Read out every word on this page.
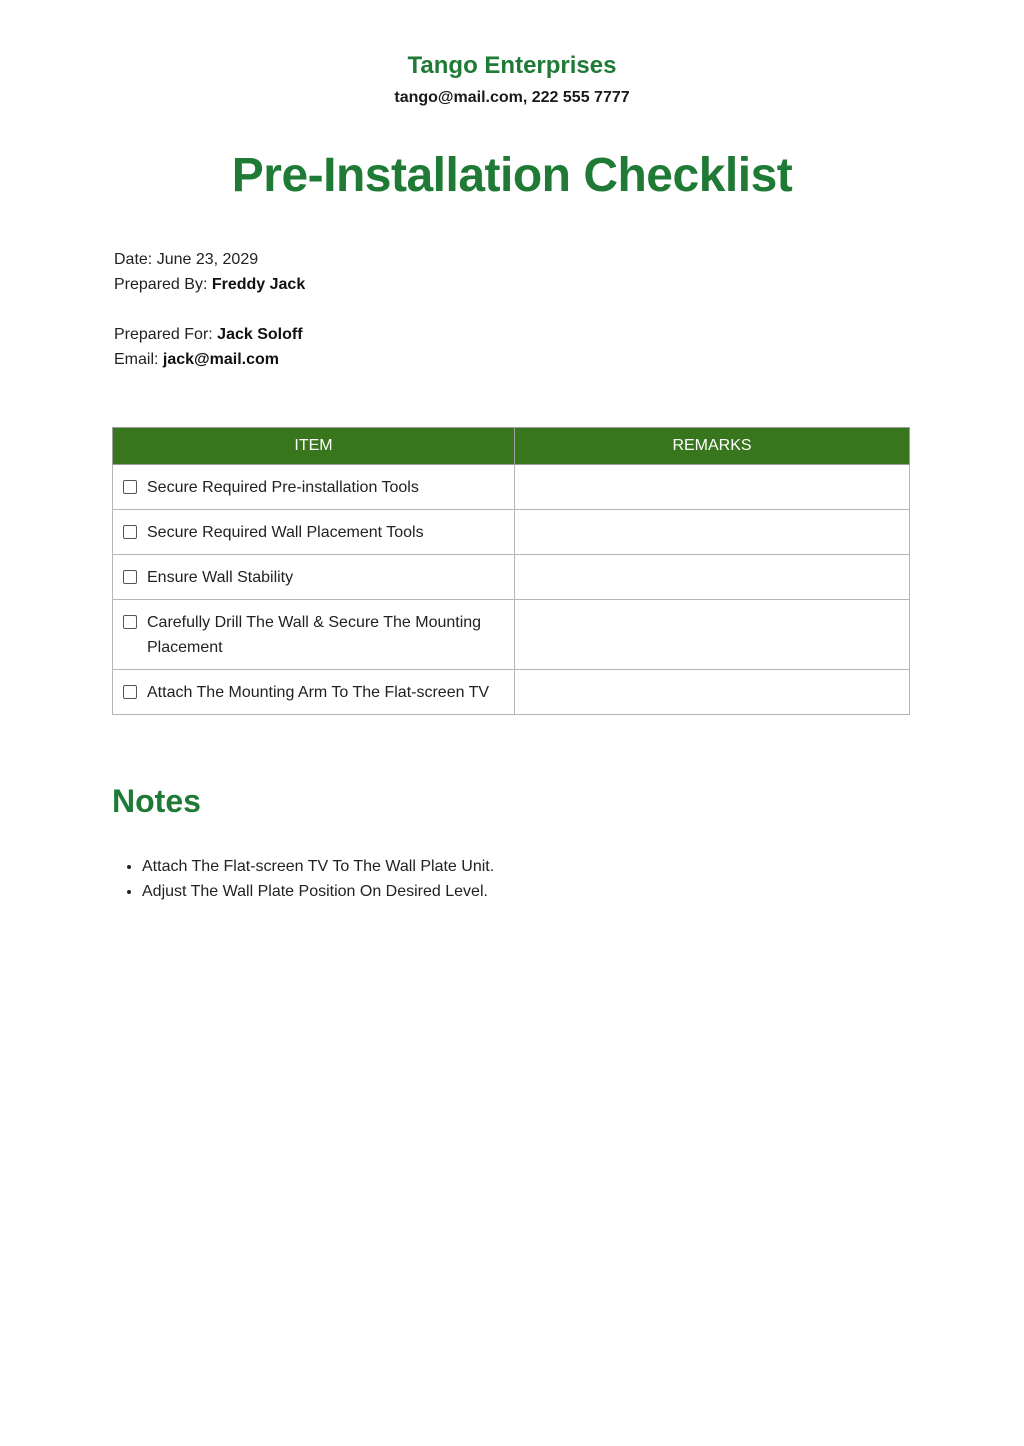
Tango Enterprises
tango@mail.com, 222 555 7777
Pre-Installation Checklist
Date: June 23, 2029
Prepared By: Freddy Jack
Prepared For: Jack Soloff
Email: jack@mail.com
ITEM	REMARKS

Secure Required Pre-installation Tools	

Secure Required Wall Placement Tools	

Ensure Wall Stability	

Carefully Drill The Wall & Secure The Mounting Placement	

Attach The Mounting Arm To The Flat-screen TV	

Notes
• Attach The Flat-screen TV To The Wall Plate Unit.
• Adjust The Wall Plate Position On Desired Level.
